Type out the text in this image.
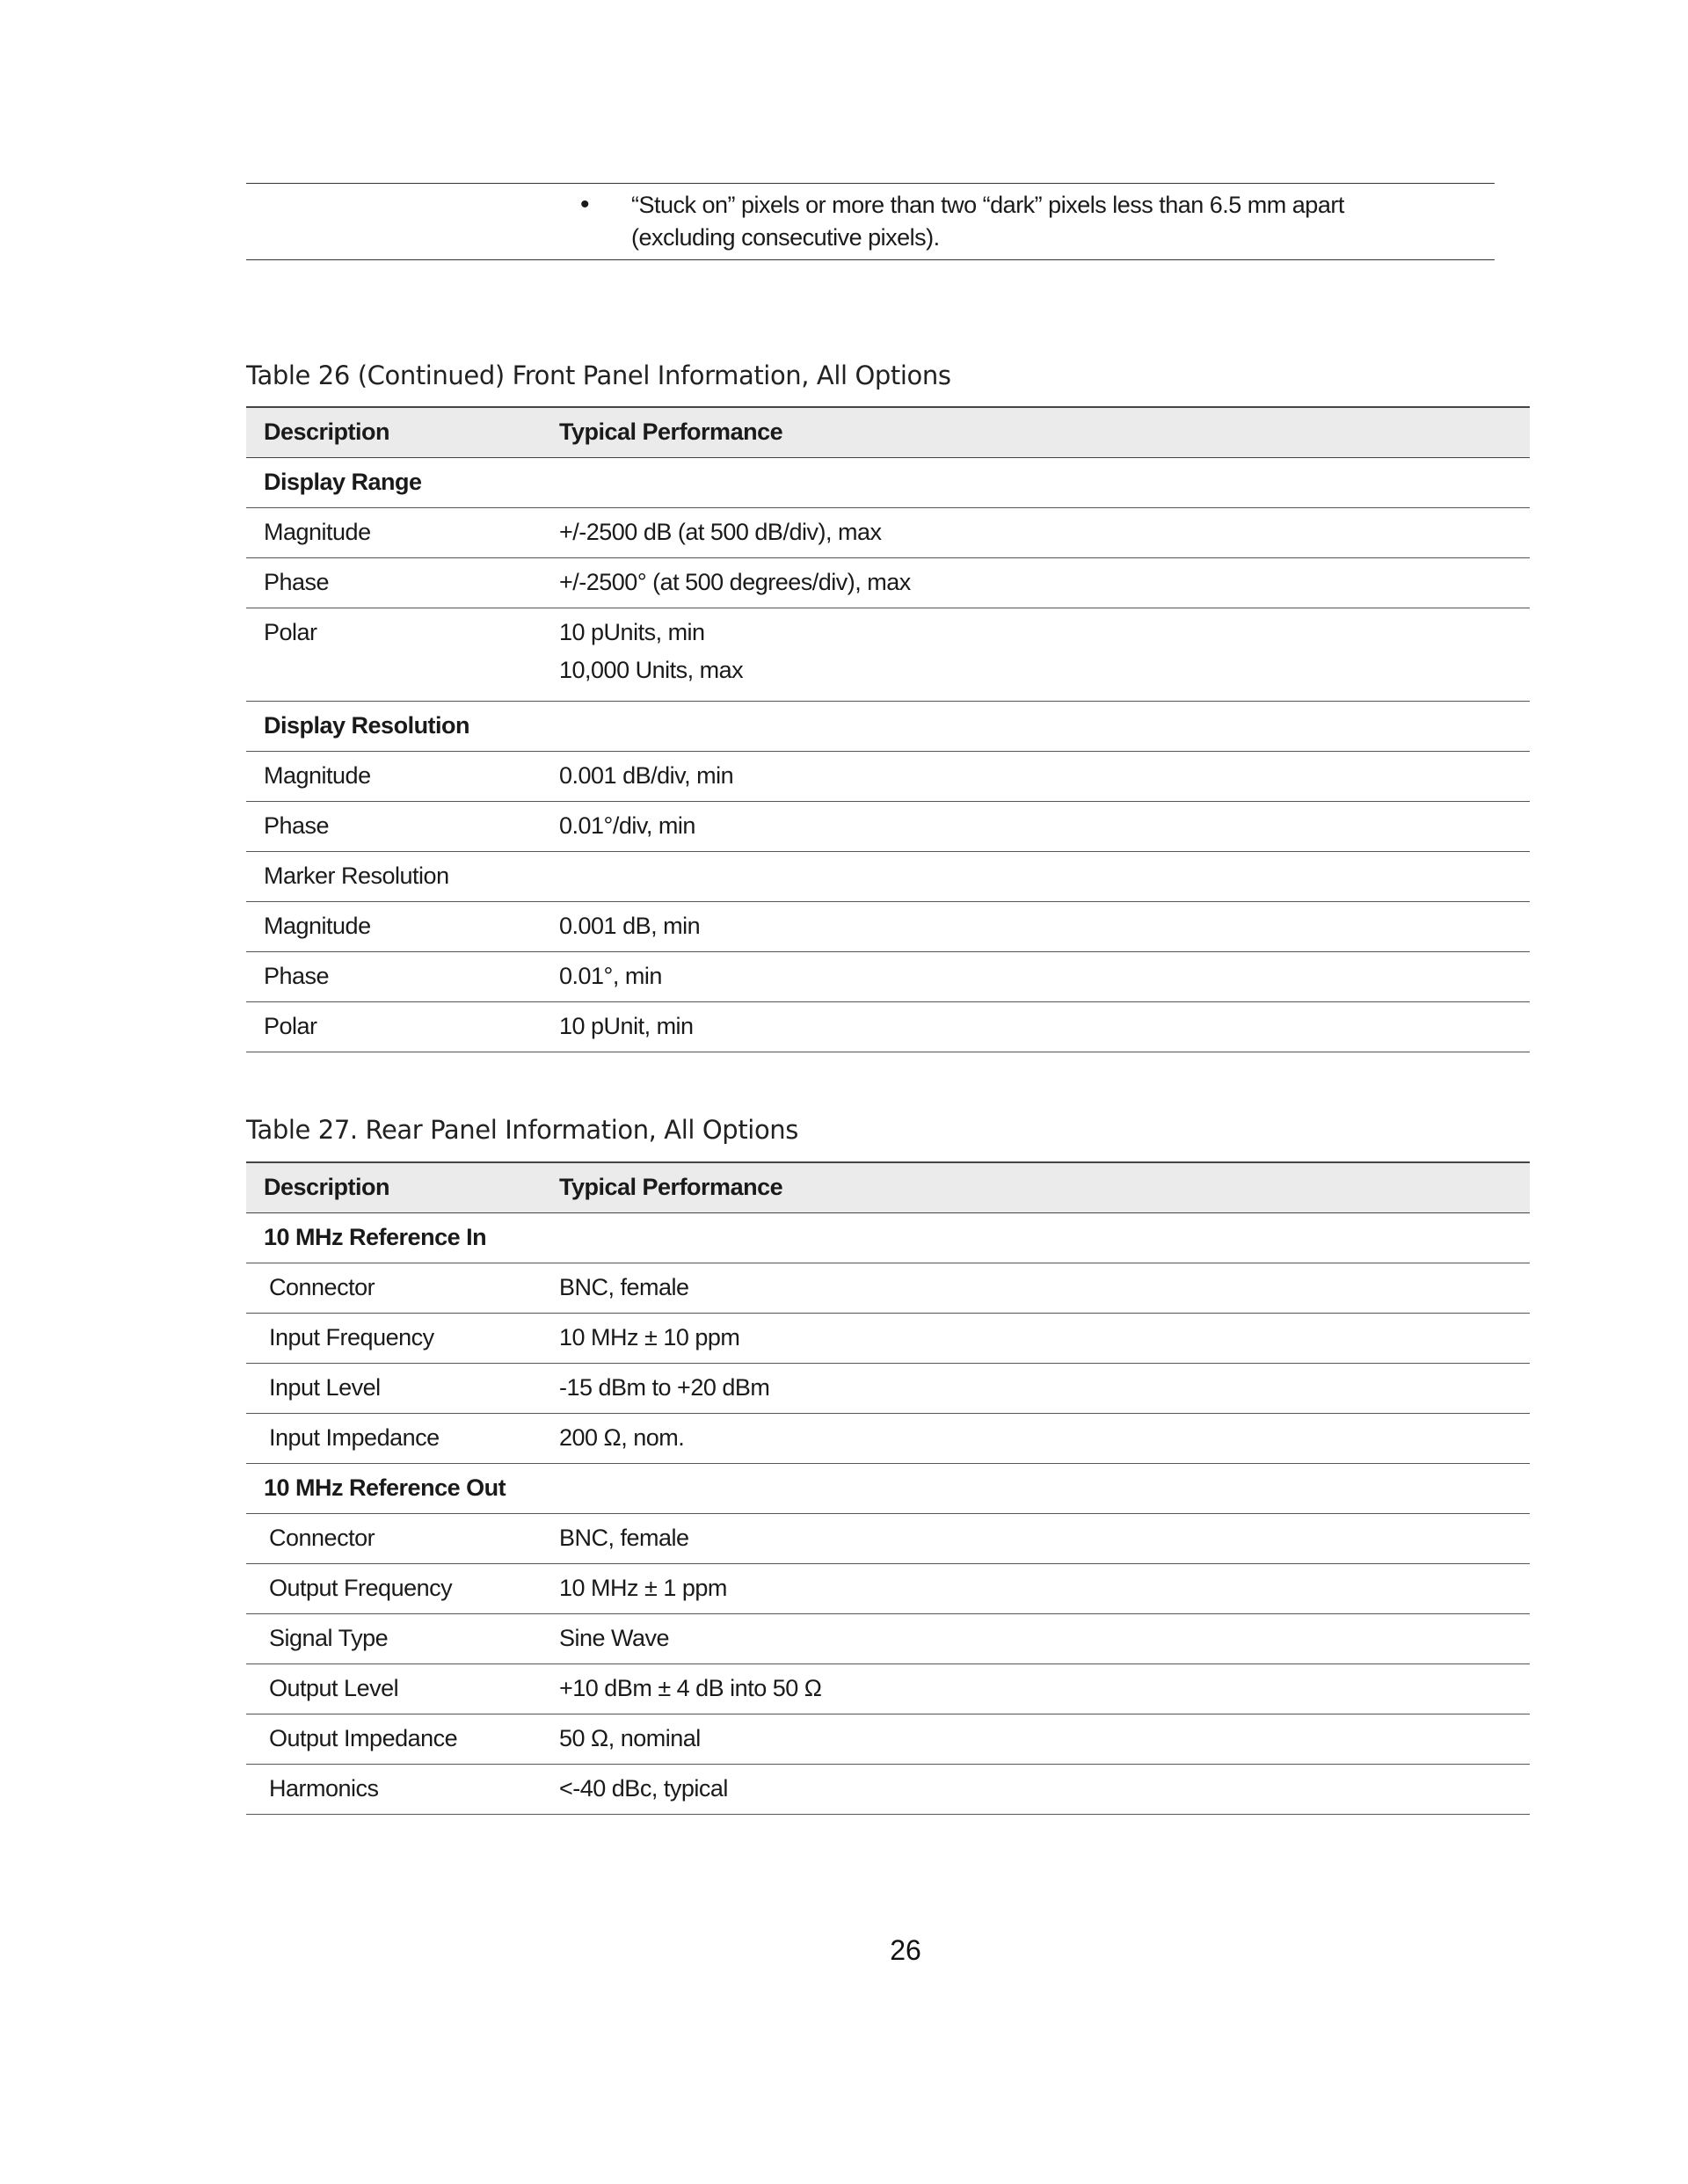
• “Stuck on” pixels or more than two “dark” pixels less than 6.5 mm apart
(excluding consecutive pixels).
Table 26 (Continued) Front Panel Information, All Options
Description	Typical Performance
Display Range	
Magnitude	+/-2500 dB (at 500 dB/div), max
Phase	+/-2500° (at 500 degrees/div), max
Polar	10 pUnits, min
10,000 Units, max

Display Resolution	
Magnitude	0.001 dB/div, min
Phase	0.01°/div, min
Marker Resolution	
Magnitude	0.001 dB, min
Phase	0.01°, min
Polar	10 pUnit, min
Table 27. Rear Panel Information, All Options
Description	Typical Performance
10 MHz Reference In	
Connector	BNC, female
Input Frequency	10 MHz ± 10 ppm
Input Level	-15 dBm to +20 dBm
Input Impedance	200 Ω, nom.
10 MHz Reference Out	
Connector	BNC, female
Output Frequency	10 MHz ± 1 ppm
Signal Type	Sine Wave
Output Level	+10 dBm ± 4 dB into 50 Ω
Output Impedance	50 Ω, nominal
Harmonics	<-40 dBc, typical
26
